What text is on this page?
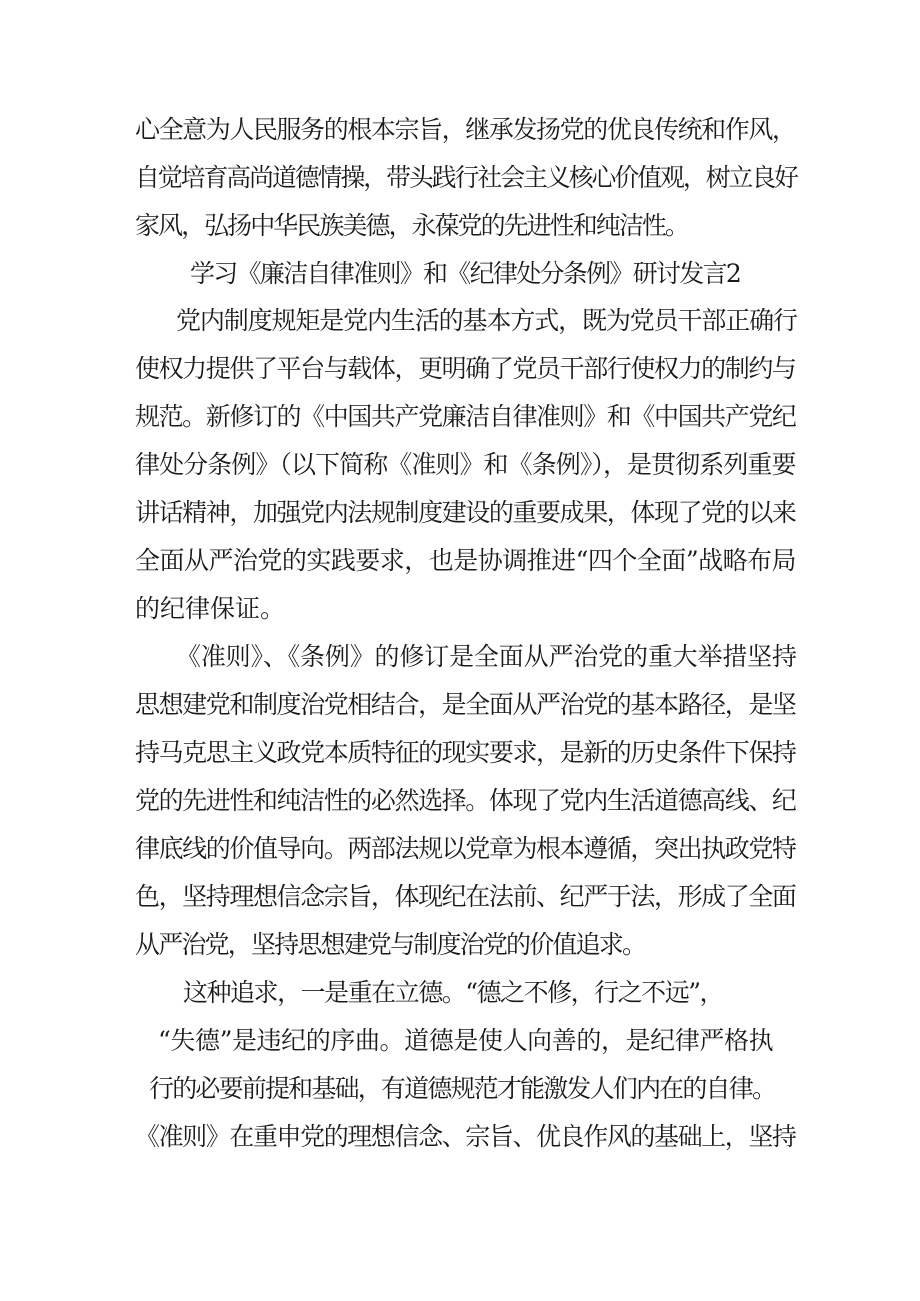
心全意为人民服务的根本宗旨，继承发扬党的优良传统和作风，
自觉培育高尚道德情操，带头践行社会主义核心价值观，树立良好
家风，弘扬中华民族美德，永葆党的先进性和纯洁性。
学习《廉洁自律准则》和《纪律处分条例》研讨发言2
党内制度规矩是党内生活的基本方式，既为党员干部正确行
使权力提供了平台与载体，更明确了党员干部行使权力的制约与
规范。新修订的《中国共产党廉洁自律准则》和《中国共产党纪
律处分条例》（以下简称《准则》和《条例》），是贯彻系列重要
讲话精神，加强党内法规制度建设的重要成果，体现了党的以来
全面从严治党的实践要求，也是协调推进“四个全面”战略布局
的纪律保证。
《准则》、《条例》的修订是全面从严治党的重大举措坚持
思想建党和制度治党相结合，是全面从严治党的基本路径，是坚
持马克思主义政党本质特征的现实要求，是新的历史条件下保持
党的先进性和纯洁性的必然选择。体现了党内生活道德高线、纪
律底线的价值导向。两部法规以党章为根本遵循，突出执政党特
色，坚持理想信念宗旨，体现纪在法前、纪严于法，形成了全面
从严治党，坚持思想建党与制度治党的价值追求。
这种追求，一是重在立德。“德之不修，行之不远”，
“失德”是违纪的序曲。道德是使人向善的，是纪律严格执
行的必要前提和基础，有道德规范才能激发人们内在的自律。
《准则》在重申党的理想信念、宗旨、优良作风的基础上，坚持
